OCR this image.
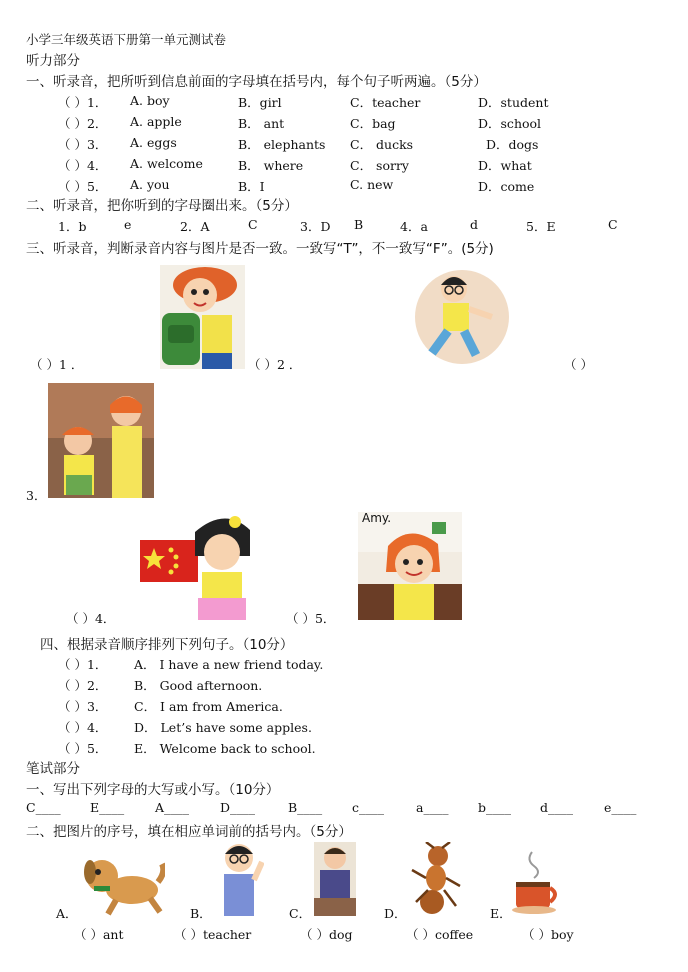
小学三年级英语下册第一单元测试卷
听力部分
一、听录音，把所听到信息前面的字母填在括号内，每个句子听两遍。（5分）
（ ）1． A. boy	B．girl	C．teacher	D．student
（ ）2． A. apple	B． ant	C．bag	D．school
（ ）3． A. eggs	B． elephants C． ducks	D．dogs
（ ）4． A. welcome	B． where	C． sorry	D．what
（ ）5． A. you	B．I	C. new	D．come
二、听录音，把你听到的字母圈出来。（5分）
1．b	e	2．A	C	3．D B	4．a	d	5．E	C
三、听录音，判断录音内容与图片是否一致。一致写“T”，不一致写“F”。(5分)
Amy.
（ ）1 ．	（ ）2 ．	（ ）
3．
（ ）4．	（ ）5．
四、根据录音顺序排列下列句子。（10分）
（ ）1． A． I have a new friend today.
（ ）2． B． Good afternoon.
（ ）3． C． I am from America.
（ ）4． D． Let’s have some apples.
（ ）5． E． Welcome back to school.
笔试部分
一、写出下列字母的大写或小写。（10分）
C____ E____ A____ D____	B____ c____	a____ b____ d____ e____
二、把图片的序号，填在相应单词前的括号内。（5分）
A．	B．	C．	D．	E．
（ ）ant	（ ）teacher	（ ）dog	（ ）coffee	（ ）boy
